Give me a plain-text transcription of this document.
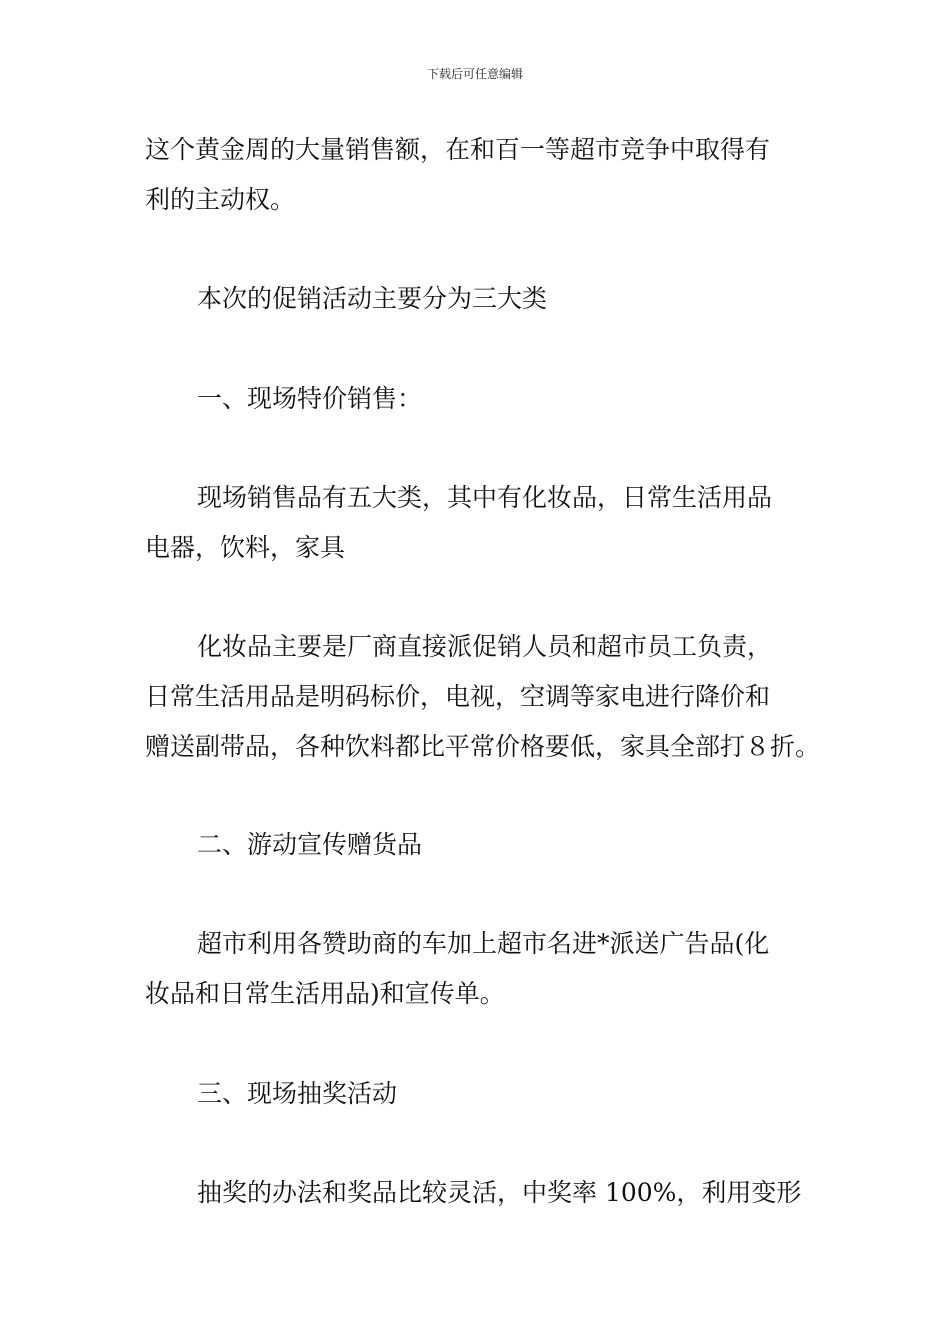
下载后可任意编辑
这个黄金周的大量销售额，在和百一等超市竞争中取得有
利的主动权。
本次的促销活动主要分为三大类
一、现场特价销售：
现场销售品有五大类，其中有化妆品，日常生活用品
电器，饮料，家具
化妆品主要是厂商直接派促销人员和超市员工负责，
日常生活用品是明码标价，电视，空调等家电进行降价和
赠送副带品，各种饮料都比平常价格要低，家具全部打８折。
二、游动宣传赠货品
超市利用各赞助商的车加上超市名进*派送广告品(化
妆品和日常生活用品)和宣传单。
三、现场抽奖活动
抽奖的办法和奖品比较灵活，中奖率 100%，利用变形
